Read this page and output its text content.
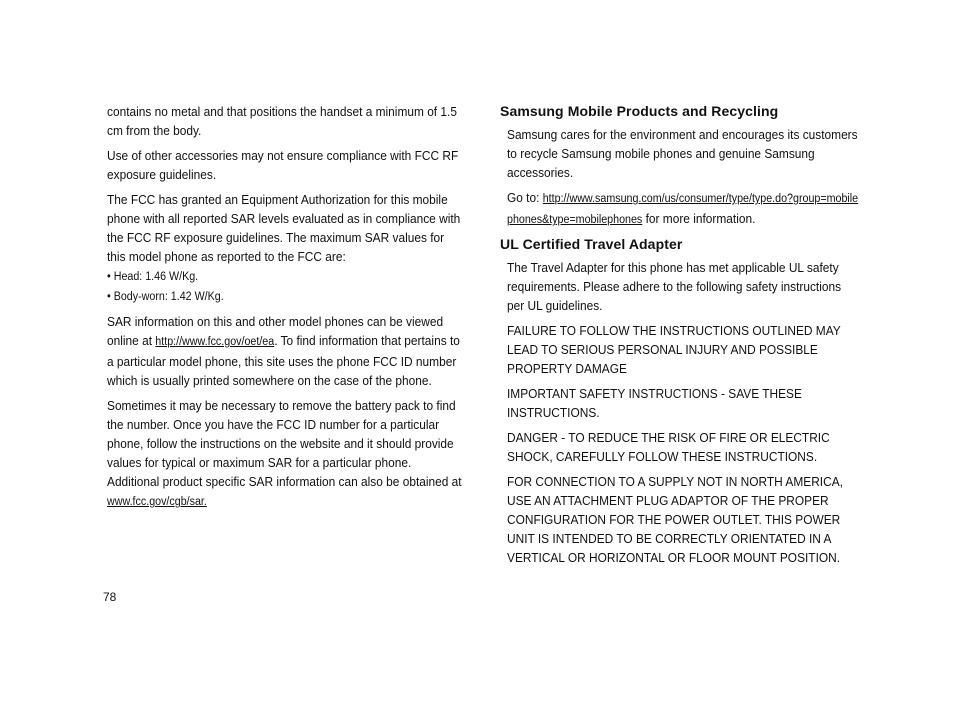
contains no metal and that positions the handset a minimum of 1.5 cm from the body.

Use of other accessories may not ensure compliance with FCC RF exposure guidelines.

The FCC has granted an Equipment Authorization for this mobile phone with all reported SAR levels evaluated as in compliance with the FCC RF exposure guidelines. The maximum SAR values for this model phone as reported to the FCC are:

• Head: 1.46 W/Kg.

• Body-worn: 1.42 W/Kg.

SAR information on this and other model phones can be viewed online at http://www.fcc.gov/oet/ea. To find information that pertains to a particular model phone, this site uses the phone FCC ID number which is usually printed somewhere on the case of the phone.

Sometimes it may be necessary to remove the battery pack to find the number. Once you have the FCC ID number for a particular phone, follow the instructions on the website and it should provide values for typical or maximum SAR for a particular phone. Additional product specific SAR information can also be obtained at www.fcc.gov/cgb/sar.

Samsung Mobile Products and Recycling

Samsung cares for the environment and encourages its customers to recycle Samsung mobile phones and genuine Samsung accessories.

Go to: http://www.samsung.com/us/consumer/type/type.do?group=mobilephones&type=mobilephones for more information.

UL Certified Travel Adapter

The Travel Adapter for this phone has met applicable UL safety requirements. Please adhere to the following safety instructions per UL guidelines.

FAILURE TO FOLLOW THE INSTRUCTIONS OUTLINED MAY LEAD TO SERIOUS PERSONAL INJURY AND POSSIBLE PROPERTY DAMAGE

IMPORTANT SAFETY INSTRUCTIONS - SAVE THESE INSTRUCTIONS.

DANGER - TO REDUCE THE RISK OF FIRE OR ELECTRIC SHOCK, CAREFULLY FOLLOW THESE INSTRUCTIONS.

FOR CONNECTION TO A SUPPLY NOT IN NORTH AMERICA, USE AN ATTACHMENT PLUG ADAPTOR OF THE PROPER CONFIGURATION FOR THE POWER OUTLET. THIS POWER UNIT IS INTENDED TO BE CORRECTLY ORIENTATED IN A VERTICAL OR HORIZONTAL OR FLOOR MOUNT POSITION.

78
